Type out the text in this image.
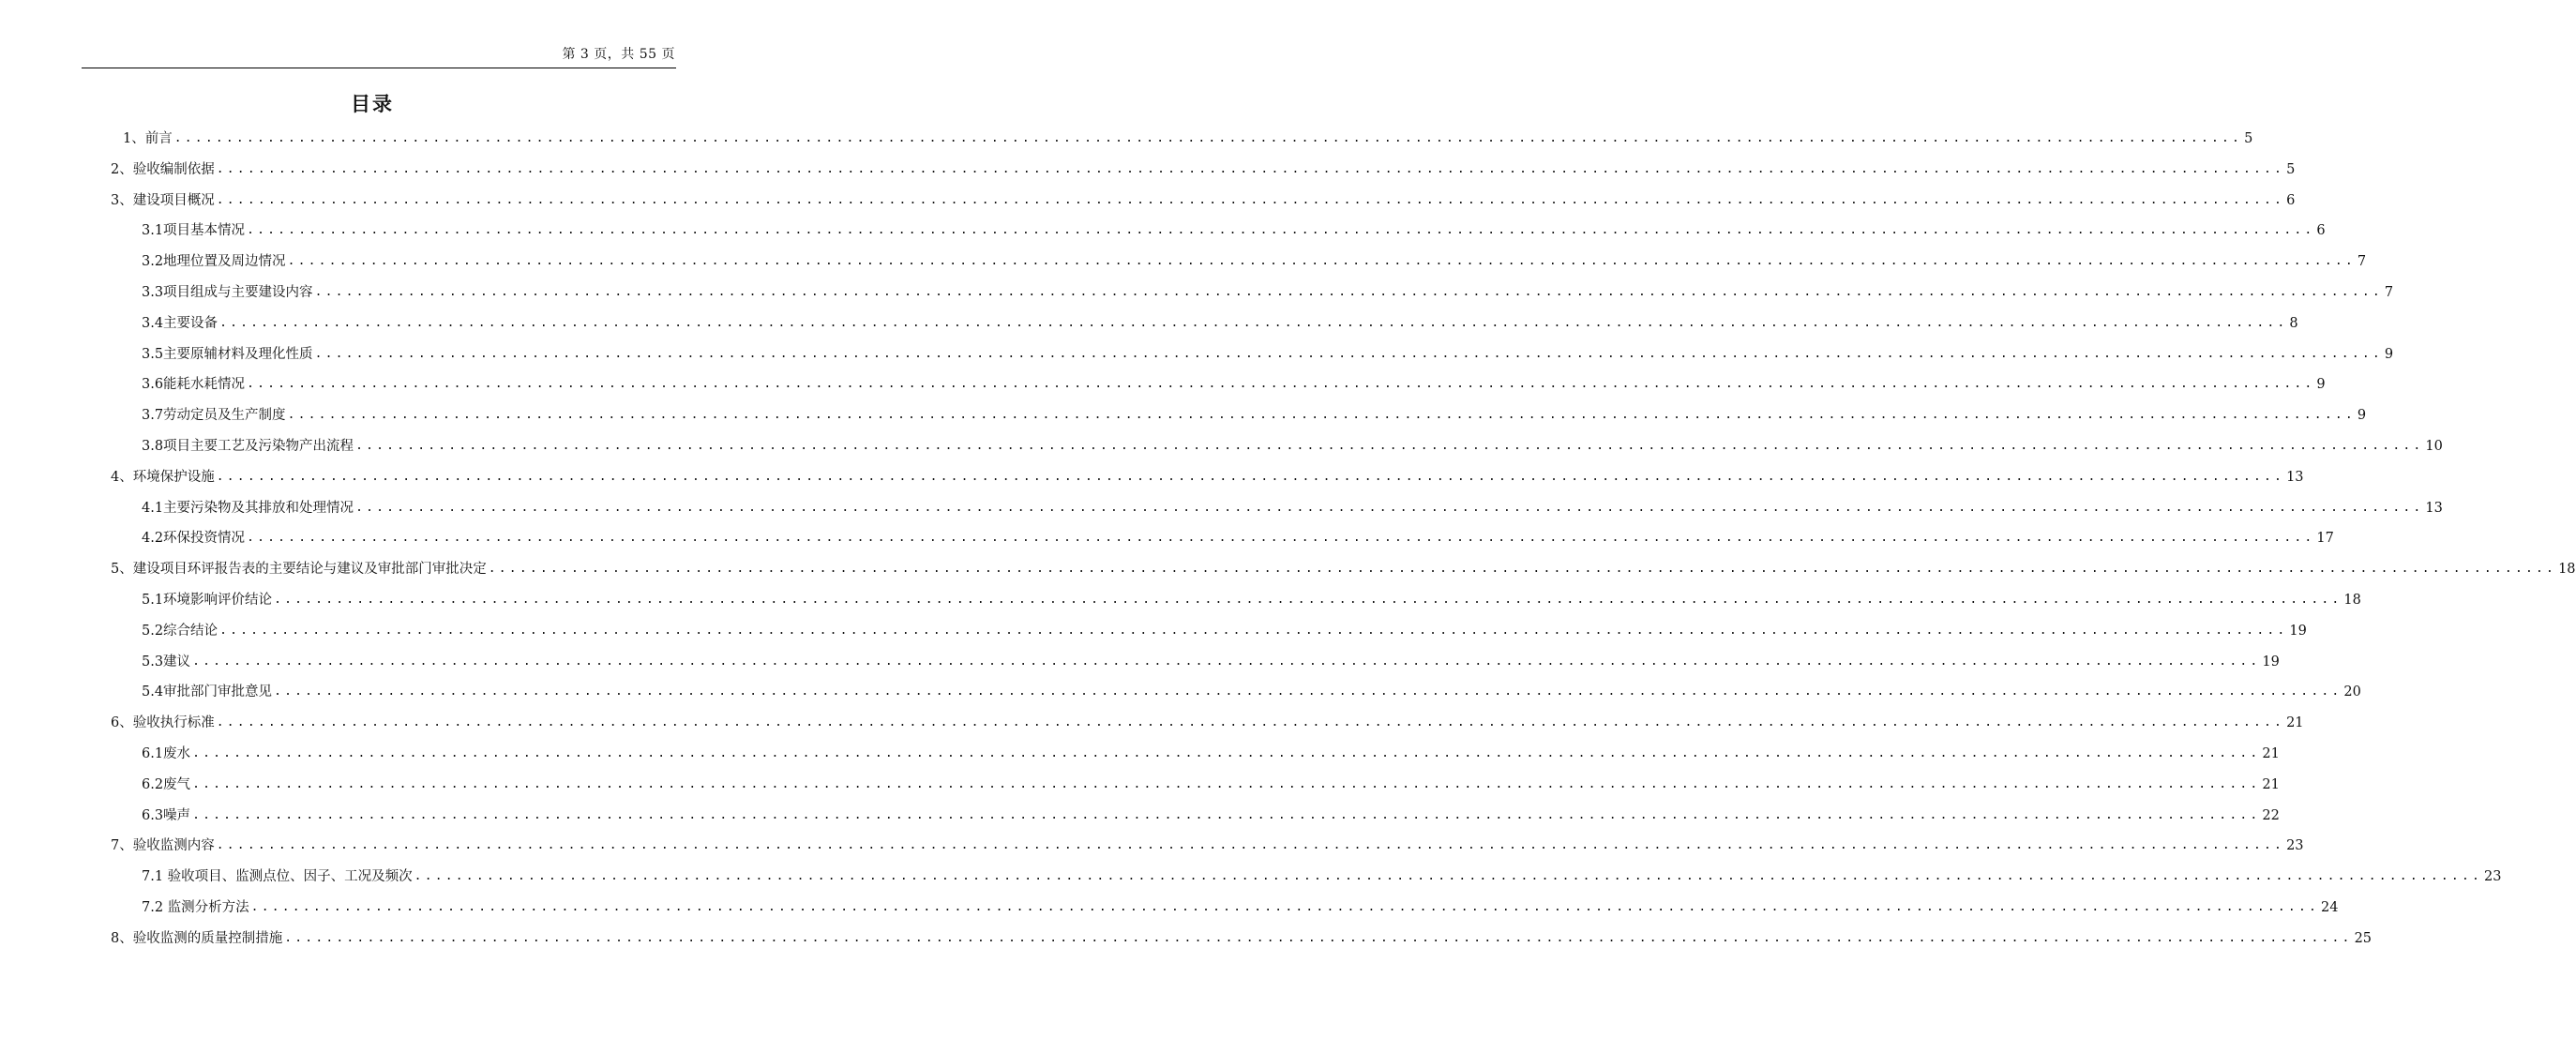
第 3 页，共 55 页
目录
1、前言 ........................................................................................................................................................................................................ 5
2、验收编制依据 ........................................................................................................................................................................................................ 5
3、建设项目概况 ........................................................................................................................................................................................................ 6
3.1项目基本情况 ........................................................................................................................................................................................................ 6
3.2地理位置及周边情况 ........................................................................................................................................................................................................ 7
3.3项目组成与主要建设内容 ........................................................................................................................................................................................................ 7
3.4主要设备 ........................................................................................................................................................................................................ 8
3.5主要原辅材料及理化性质 ........................................................................................................................................................................................................ 9
3.6能耗水耗情况 ........................................................................................................................................................................................................ 9
3.7劳动定员及生产制度 ........................................................................................................................................................................................................ 9
3.8项目主要工艺及污染物产出流程 ........................................................................................................................................................................................................ 10
4、环境保护设施 ........................................................................................................................................................................................................ 13
4.1主要污染物及其排放和处理情况 ........................................................................................................................................................................................................ 13
4.2环保投资情况 ........................................................................................................................................................................................................ 17
5、建设项目环评报告表的主要结论与建议及审批部门审批决定 ........................................................................................................................................................................................................ 18
5.1环境影响评价结论 ........................................................................................................................................................................................................ 18
5.2综合结论 ........................................................................................................................................................................................................ 19
5.3建议 ........................................................................................................................................................................................................ 19
5.4审批部门审批意见 ........................................................................................................................................................................................................ 20
6、验收执行标准 ........................................................................................................................................................................................................ 21
6.1废水 ........................................................................................................................................................................................................ 21
6.2废气 ........................................................................................................................................................................................................ 21
6.3噪声 ........................................................................................................................................................................................................ 22
7、验收监测内容 ........................................................................................................................................................................................................ 23
7.1 验收项目、监测点位、因子、工况及频次 ........................................................................................................................................................................................................ 23
7.2 监测分析方法 ........................................................................................................................................................................................................ 24
8、验收监测的质量控制措施 ........................................................................................................................................................................................................ 25
